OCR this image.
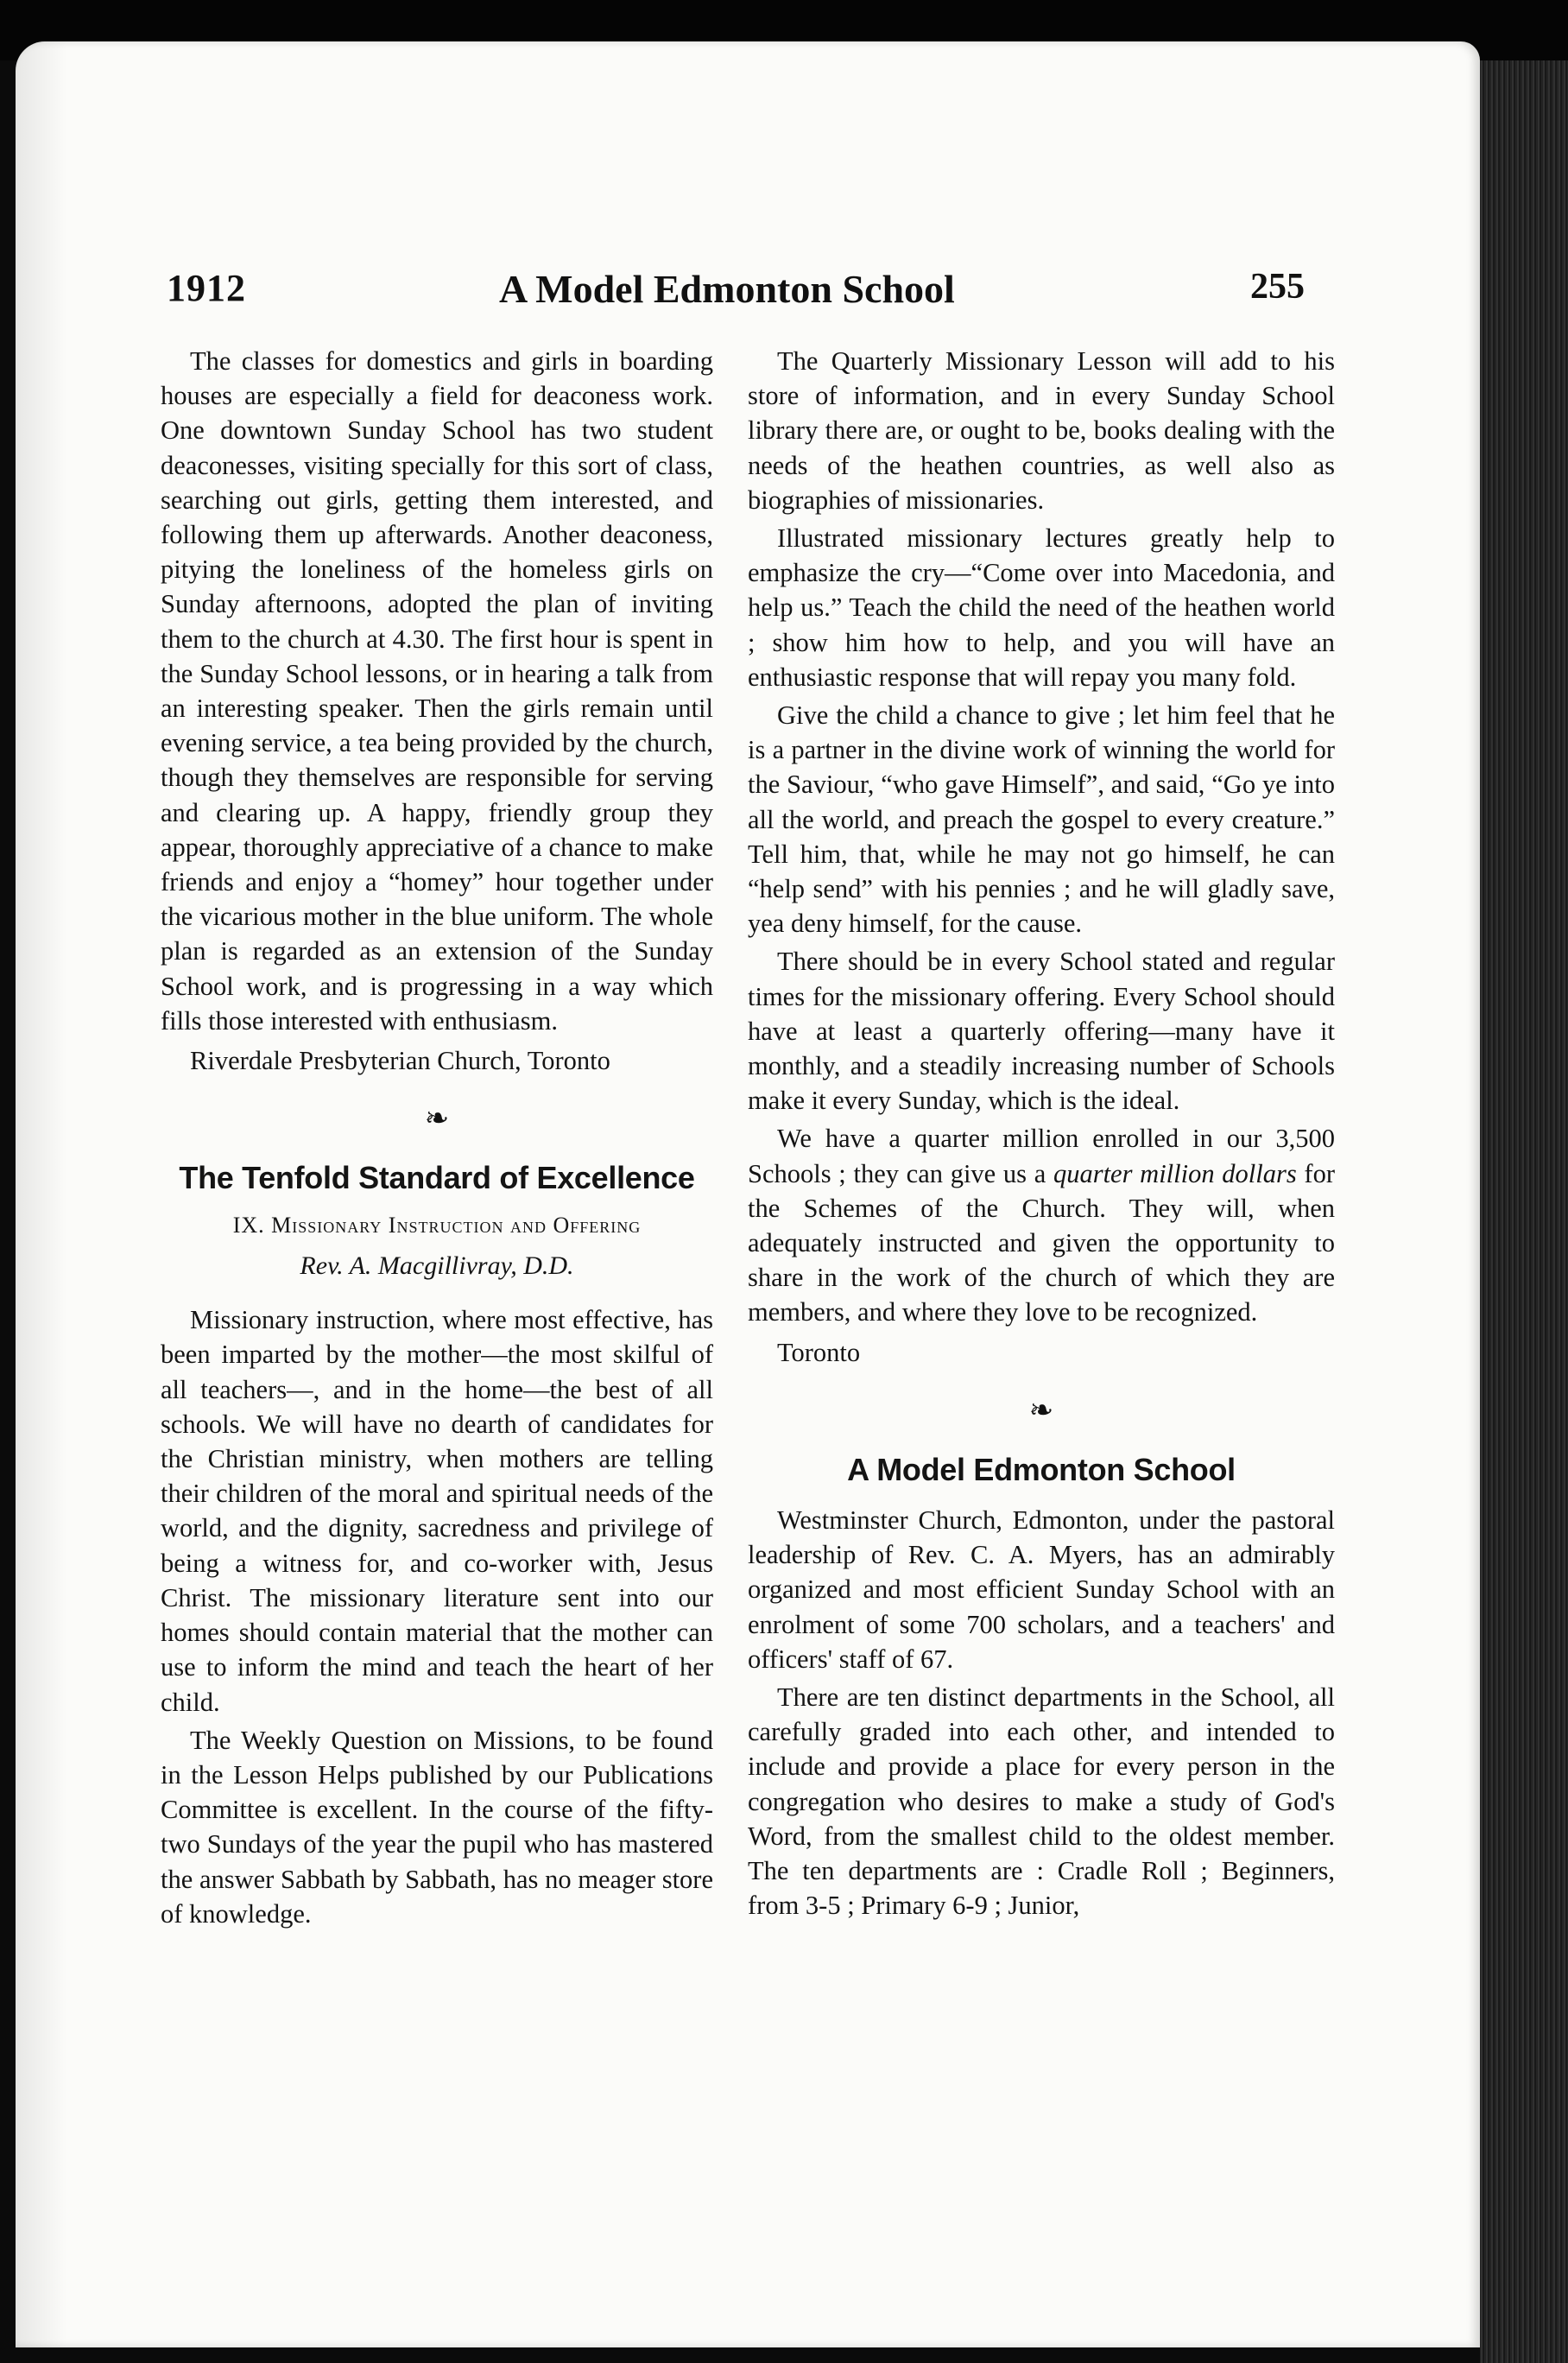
1912	A Model Edmonton School	255

The classes for domestics and girls in boarding houses are especially a field for deaconess work. One downtown Sunday School has two student deaconesses, visiting specially for this sort of class, searching out girls, getting them interested, and following them up afterwards. Another deaconess, pitying the loneliness of the homeless girls on Sunday afternoons, adopted the plan of inviting them to the church at 4.30. The first hour is spent in the Sunday School lessons, or in hearing a talk from an interesting speaker. Then the girls remain until evening service, a tea being provided by the church, though they themselves are responsible for serving and clearing up. A happy, friendly group they appear, thoroughly appreciative of a chance to make friends and enjoy a “homey” hour together under the vicarious mother in the blue uniform. The whole plan is regarded as an extension of the Sunday School work, and is progressing in a way which fills those interested with enthusiasm.

Riverdale Presbyterian Church, Toronto

❧
The Tenfold Standard of Excellence
IX. Missionary Instruction and Offering
Rev. A. Macgillivray, D.D.

Missionary instruction, where most effective, has been imparted by the mother—the most skilful of all teachers—, and in the home—the best of all schools. We will have no dearth of candidates for the Christian ministry, when mothers are telling their children of the moral and spiritual needs of the world, and the dignity, sacredness and privilege of being a witness for, and co-worker with, Jesus Christ. The missionary literature sent into our homes should contain material that the mother can use to inform the mind and teach the heart of her child.

The Weekly Question on Missions, to be found in the Lesson Helps published by our Publications Committee is excellent. In the course of the fifty-two Sundays of the year the pupil who has mastered the answer Sabbath by Sabbath, has no meager store of knowledge.

The Quarterly Missionary Lesson will add to his store of information, and in every Sunday School library there are, or ought to be, books dealing with the needs of the heathen countries, as well also as biographies of missionaries.

Illustrated missionary lectures greatly help to emphasize the cry—“Come over into Macedonia, and help us.” Teach the child the need of the heathen world ; show him how to help, and you will have an enthusiastic response that will repay you many fold.

Give the child a chance to give ; let him feel that he is a partner in the divine work of winning the world for the Saviour, “who gave Himself”, and said, “Go ye into all the world, and preach the gospel to every creature.” Tell him, that, while he may not go himself, he can “help send” with his pennies ; and he will gladly save, yea deny himself, for the cause.

There should be in every School stated and regular times for the missionary offering. Every School should have at least a quarterly offering—many have it monthly, and a steadily increasing number of Schools make it every Sunday, which is the ideal.

We have a quarter million enrolled in our 3,500 Schools ; they can give us a quarter million dollars for the Schemes of the Church. They will, when adequately instructed and given the opportunity to share in the work of the church of which they are members, and where they love to be recognized.

Toronto

❧
A Model Edmonton School

Westminster Church, Edmonton, under the pastoral leadership of Rev. C. A. Myers, has an admirably organized and most efficient Sunday School with an enrolment of some 700 scholars, and a teachers' and officers' staff of 67.

There are ten distinct departments in the School, all carefully graded into each other, and intended to include and provide a place for every person in the congregation who desires to make a study of God's Word, from the smallest child to the oldest member. The ten departments are : Cradle Roll ; Beginners, from 3-5 ; Primary 6-9 ; Junior,
